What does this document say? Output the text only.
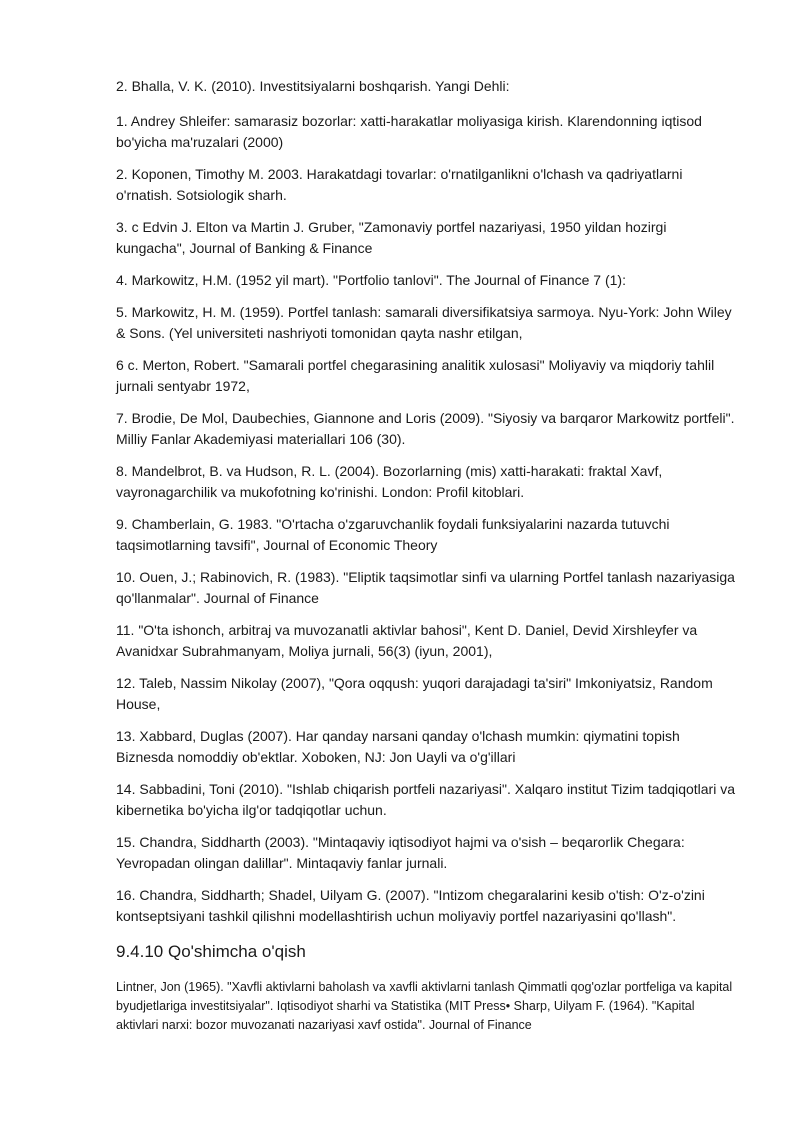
2. Bhalla, V. K. (2010). Investitsiyalarni boshqarish. Yangi Dehli:

1. Andrey Shleifer: samarasiz bozorlar: xatti-harakatlar moliyasiga kirish. Klarendonning iqtisod bo'yicha ma'ruzalari (2000)

2. Koponen, Timothy M. 2003. Harakatdagi tovarlar: o'rnatilganlikni o'lchash va qadriyatlarni o'rnatish. Sotsiologik sharh.

3. c Edvin J. Elton va Martin J. Gruber, "Zamonaviy portfel nazariyasi, 1950 yildan hozirgi kungacha", Journal of Banking & Finance

4. Markowitz, H.M. (1952 yil mart). "Portfolio tanlovi". The Journal of Finance 7 (1):

5. Markowitz, H. M. (1959). Portfel tanlash: samarali diversifikatsiya sarmoya. Nyu-York: John Wiley & Sons. (Yel universiteti nashriyoti tomonidan qayta nashr etilgan,

6 c. Merton, Robert. "Samarali portfel chegarasining analitik xulosasi" Moliyaviy va miqdoriy tahlil jurnali sentyabr 1972,

7. Brodie, De Mol, Daubechies, Giannone and Loris (2009). "Siyosiy va barqaror Markowitz portfeli". Milliy Fanlar Akademiyasi materiallari 106 (30).

8. Mandelbrot, B. va Hudson, R. L. (2004). Bozorlarning (mis) xatti-harakati: fraktal Xavf, vayronagarchilik va mukofotning ko'rinishi. London: Profil kitoblari.

9. Chamberlain, G. 1983. "O'rtacha o'zgaruvchanlik foydali funksiyalarini nazarda tutuvchi taqsimotlarning tavsifi", Journal of Economic Theory

10. Ouen, J.; Rabinovich, R. (1983). "Eliptik taqsimotlar sinfi va ularning Portfel tanlash nazariyasiga qo'llanmalar". Journal of Finance

11. "O'ta ishonch, arbitraj va muvozanatli aktivlar bahosi", Kent D. Daniel, Devid Xirshleyfer va Avanidxar Subrahmanyam, Moliya jurnali, 56(3) (iyun, 2001),

12. Taleb, Nassim Nikolay (2007), "Qora oqqush: yuqori darajadagi ta'siri" Imkoniyatsiz, Random House,

13. Xabbard, Duglas (2007). Har qanday narsani qanday o'lchash mumkin: qiymatini topish Biznesda nomoddiy ob'ektlar. Xoboken, NJ: Jon Uayli va o'g'illari

14. Sabbadini, Toni (2010). "Ishlab chiqarish portfeli nazariyasi". Xalqaro institut Tizim tadqiqotlari va kibernetika bo'yicha ilg'or tadqiqotlar uchun.

15. Chandra, Siddharth (2003). "Mintaqaviy iqtisodiyot hajmi va o'sish – beqarorlik Chegara: Yevropadan olingan dalillar". Mintaqaviy fanlar jurnali.

16. Chandra, Siddharth; Shadel, Uilyam G. (2007). "Intizom chegaralarini kesib o'tish: O'z-o'zini kontseptsiyani tashkil qilishni modellashtirish uchun moliyaviy portfel nazariyasini qo'llash".

9.4.10 Qo'shimcha o'qish

Lintner, Jon (1965). "Xavfli aktivlarni baholash va xavfli aktivlarni tanlash Qimmatli qog'ozlar portfeliga va kapital byudjetlariga investitsiyalar". Iqtisodiyot sharhi va Statistika (MIT Press• Sharp, Uilyam F. (1964). "Kapital aktivlari narxi: bozor muvozanati nazariyasi xavf ostida". Journal of Finance
